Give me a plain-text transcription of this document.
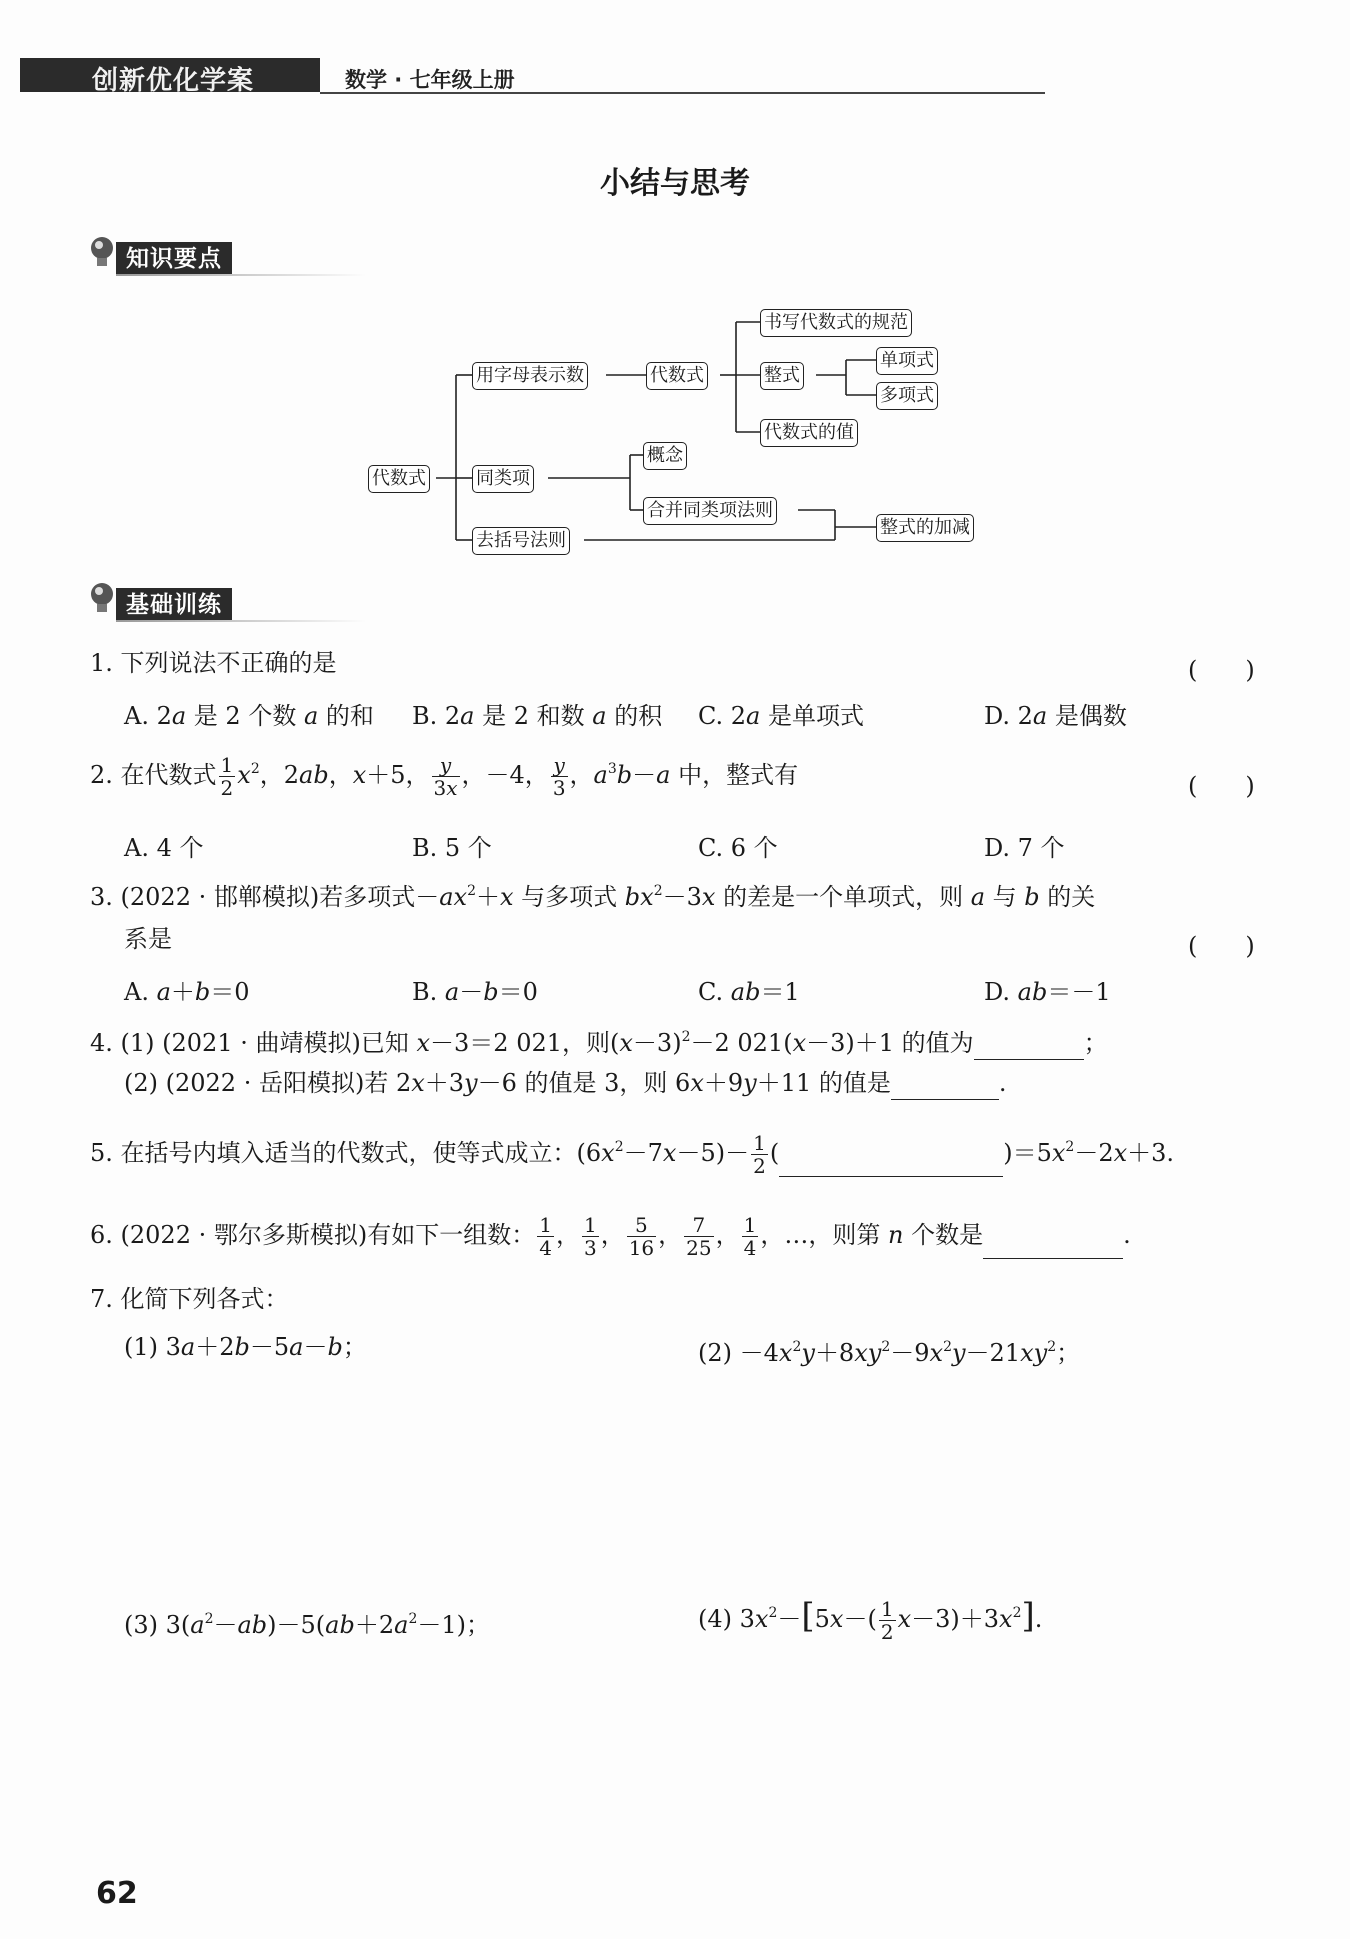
创新优化学案	数学 · 七年级上册
小结与思考
知识要点
代数式
用字母表示数	代数式
书写代数式的规范
整式
单项式
多项式
代数式的值
同类项
概念
合并同类项法则
去括号法则
整式的加减
基础训练
1. 下列说法不正确的是	(　　)
A. 2a 是 2 个数 a 的和 B. 2a 是 2 和数 a 的积 C. 2a 是单项式	D. 2a 是偶数
2. 在代数式 $\frac{1}{2} x^2$，2ab，x＋5， $\frac{y}{3x}$ ，－4， $\frac{y}{3}$ ，$a^3b-a$ 中，整式有	(　　)
A. 4 个	B. 5 个	C. 6 个	D. 7 个
3. (2022 · 邯郸模拟)若多项式$-ax^2+x$ 与多项式 $bx^2-3x$ 的差是一个单项式，则 a 与 b 的关
系是	(　　)
A. a＋b＝0	B. a－b＝0	C. ab＝1	D. ab＝－1
4. (1) (2021 · 曲靖模拟)已知 x－3＝2 021，则$(x-3)^2-2$ 021(x－3)＋1 的值为	；
(2) (2022 · 岳阳模拟)若 2x＋3y－6 的值是 3，则 6x＋9y＋11 的值是	.
5. 在括号内填入适当的代数式，使等式成立：$(6x^2-7x-5)- \frac{1}{2}$ (	)$=5x^2-2x+3$.
6. (2022 · 鄂尔多斯模拟)有如下一组数： $\frac{1}{4}$ ， $\frac{1}{3}$ ， $\frac{5}{16}$ ， $\frac{7}{25}$ ， $\frac{1}{4}$ ，…，则第 n 个数是	.
7. 化简下列各式：
(1) 3a＋2b－5a－b；	$(2) -4x^2y+8xy^2-9x^2y-21xy^2$；
(3) $3(a^2-ab)-5(ab+2a^2-1)$；	(4) $3x^2-[5x-( \frac{1}{2} x-3)+3x^2]$.
62
